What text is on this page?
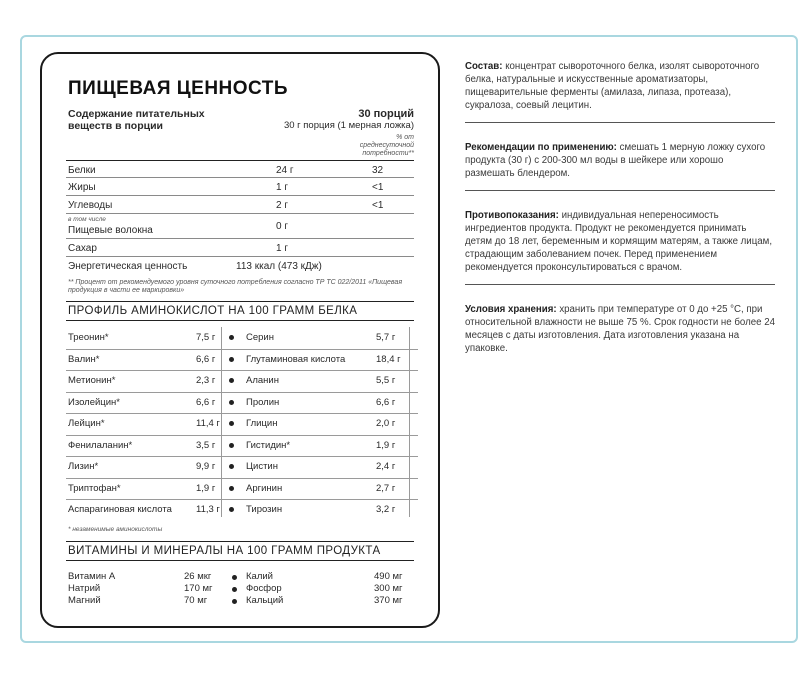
ПИЩЕВАЯ ЦЕННОСТЬ
Содержание питательных веществ в порции
30 порций
30 г порция (1 мерная ложка)
% от среднесуточной потребности**
Белки	24 г	32
Жиры	1 г	<1
Углеводы	2 г	<1
в том числе
Пищевые волокна	0 г
Сахар	1 г
Энергетическая ценность	113 ккал (473 кДж)
** Процент от рекомендуемого уровня суточного потребления согласно ТР ТС 022/2011 «Пищевая продукция в части ее маркировки»
ПРОФИЛЬ АМИНОКИСЛОТ НА 100 ГРАММ БЕЛКА
* незаменимые аминокислоты
Треонин*	7,5 г	Серин	5,7 г
Валин*	6,6 г	Глутаминовая кислота	18,4 г
Метионин*	2,3 г	Аланин	5,5 г
Изолейцин*	6,6 г	Пролин	6,6 г
Лейцин*	11,4 г	Глицин	2,0 г
Фенилаланин*	3,5 г	Гистидин*	1,9 г
Лизин*	9,9 г	Цистин	2,4 г
Триптофан*	1,9 г	Аргинин	2,7 г
Аспарагиновая кислота	11,3 г	Тирозин	3,2 г
ВИТАМИНЫ И МИНЕРАЛЫ НА 100 ГРАММ ПРОДУКТА
Витамин А	26 мкг	Калий	490 мг
Натрий	170 мг	Фосфор	300 мг
Магний	70 мг	Кальций	370 мг
Состав: концентрат сывороточного белка, изолят сывороточного белка, натуральные и искусственные ароматизаторы, пищеварительные ферменты (амилаза, липаза, протеаза), сукралоза, соевый лецитин.
Рекомендации по применению: смешать 1 мерную ложку сухого продукта (30 г) с 200-300 мл воды в шейкере или хорошо размешать блендером.
Противопоказания: индивидуальная непереносимость ингредиентов продукта. Продукт не рекомендуется принимать детям до 18 лет, беременным и кормящим матерям, а также лицам, страдающим заболеванием почек. Перед применением рекомендуется проконсультироваться с врачом.
Условия хранения: хранить при температуре от 0 до +25 °С, при относительной влажности не выше 75 %. Срок годности не более 24 месяцев с даты изготовления. Дата изготовления указана на упаковке.
